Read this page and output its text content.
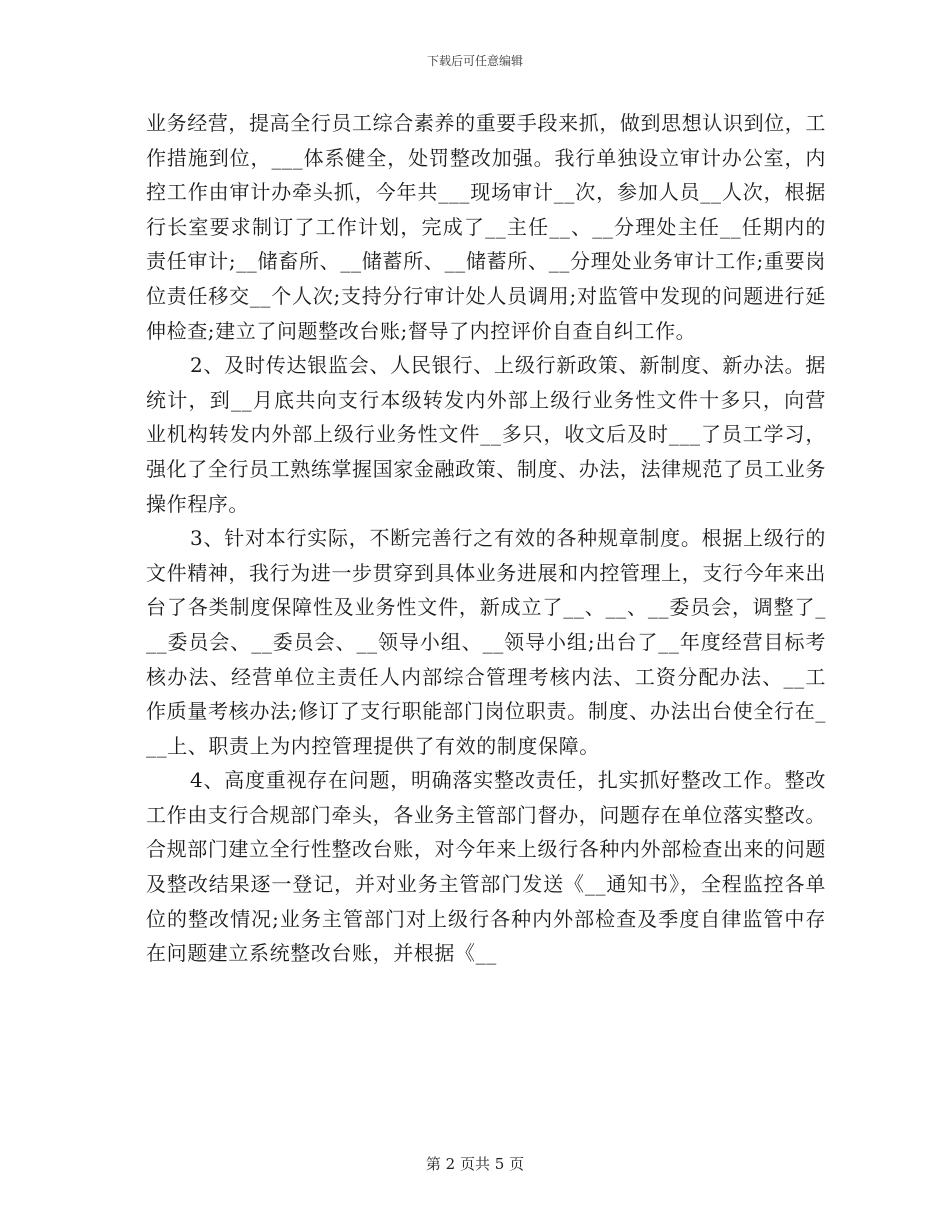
下载后可任意编辑

业务经营，提高全行员工综合素养的重要手段来抓，做到思想认识到位，工作措施到位，___体系健全，处罚整改加强。我行单独设立审计办公室，内控工作由审计办牵头抓，今年共___现场审计__次，参加人员__人次，根据行长室要求制订了工作计划，完成了__主任__、__分理处主任__任期内的责任审计;__储畜所、__储蓄所、__储蓄所、__分理处业务审计工作;重要岗位责任移交__个人次;支持分行审计处人员调用;对监管中发现的问题进行延伸检查;建立了问题整改台账;督导了内控评价自查自纠工作。

2、及时传达银监会、人民银行、上级行新政策、新制度、新办法。据统计，到__月底共向支行本级转发内外部上级行业务性文件十多只，向营业机构转发内外部上级行业务性文件__多只，收文后及时___了员工学习，强化了全行员工熟练掌握国家金融政策、制度、办法，法律规范了员工业务操作程序。

3、针对本行实际，不断完善行之有效的各种规章制度。根据上级行的文件精神，我行为进一步贯穿到具体业务进展和内控管理上，支行今年来出台了各类制度保障性及业务性文件，新成立了__、__、__委员会，调整了___委员会、__委员会、__领导小组、__领导小组;出台了__年度经营目标考核办法、经营单位主责任人内部综合管理考核内法、工资分配办法、__工作质量考核办法;修订了支行职能部门岗位职责。制度、办法出台使全行在___上、职责上为内控管理提供了有效的制度保障。

4、高度重视存在问题，明确落实整改责任，扎实抓好整改工作。整改工作由支行合规部门牵头，各业务主管部门督办，问题存在单位落实整改。合规部门建立全行性整改台账，对今年来上级行各种内外部检查出来的问题及整改结果逐一登记，并对业务主管部门发送《__通知书》，全程监控各单位的整改情况;业务主管部门对上级行各种内外部检查及季度自律监管中存在问题建立系统整改台账，并根据《__

第 2 页共 5 页
